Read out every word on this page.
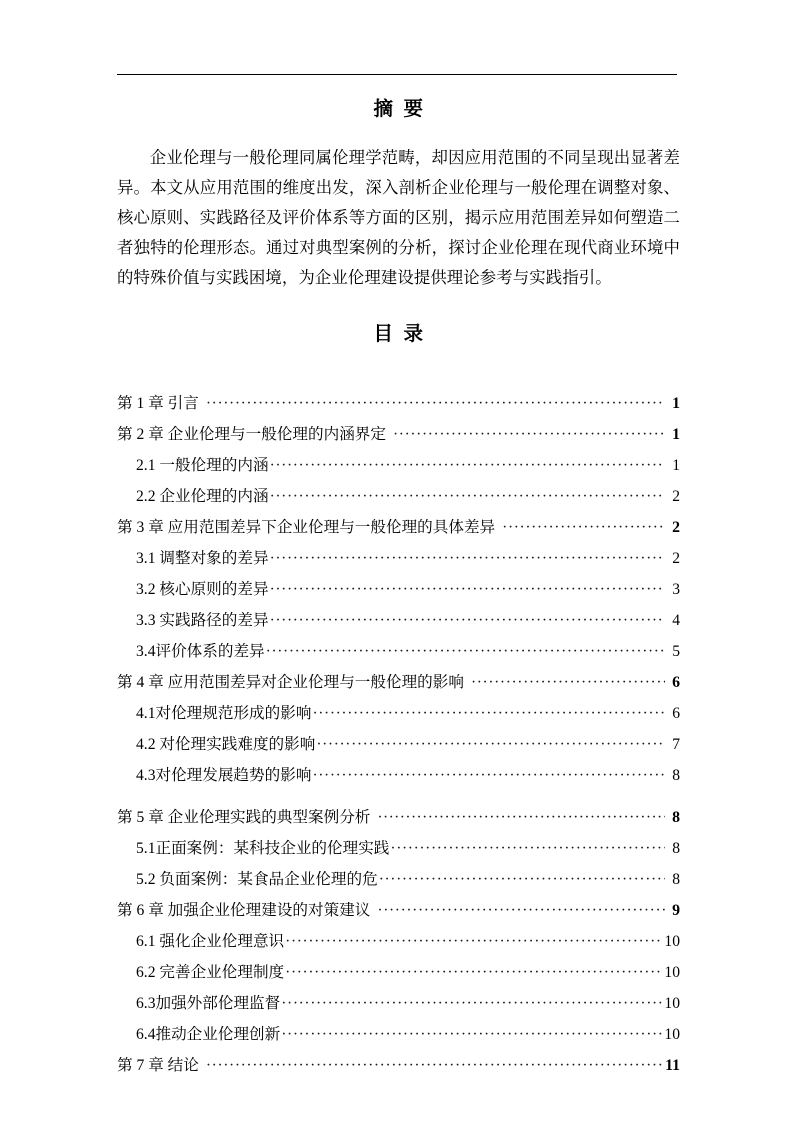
摘 要

企业伦理与一般伦理同属伦理学范畴，却因应用范围的不同呈现出显著差异。本文从应用范围的维度出发，深入剖析企业伦理与一般伦理在调整对象、核心原则、实践路径及评价体系等方面的区别，揭示应用范围差异如何塑造二者独特的伦理形态。通过对典型案例的分析，探讨企业伦理在现代商业环境中的特殊价值与实践困境，为企业伦理建设提供理论参考与实践指引。

目 录
第 1 章 引言 ·····	1
第 2 章 企业伦理与一般伦理的内涵界定 ·····	1
2.1 一般伦理的内涵 ·····	1
2.2 企业伦理的内涵 ·····	2
第 3 章 应用范围差异下企业伦理与一般伦理的具体差异 ·····	2
3.1 调整对象的差异 ·····	2
3.2 核心原则的差异 ·····	3
3.3 实践路径的差异 ·····	4
3.4评价体系的差异 ·····	5
第 4 章 应用范围差异对企业伦理与一般伦理的影响 ·····	6
4.1对伦理规范形成的影响 ·····	6
4.2 对伦理实践难度的影响 ·····	7
4.3对伦理发展趋势的影响 ·····	8
第 5 章 企业伦理实践的典型案例分析 ·····	8
5.1正面案例：某科技企业的伦理实践 ·····	8
5.2 负面案例：某食品企业伦理的危 ·····	8
第 6 章 加强企业伦理建设的对策建议 ·····	9
6.1 强化企业伦理意识 ·····	10
6.2 完善企业伦理制度 ·····	10
6.3加强外部伦理监督 ·····	10
6.4推动企业伦理创新 ·····	10
第 7 章 结论 ·····	11
